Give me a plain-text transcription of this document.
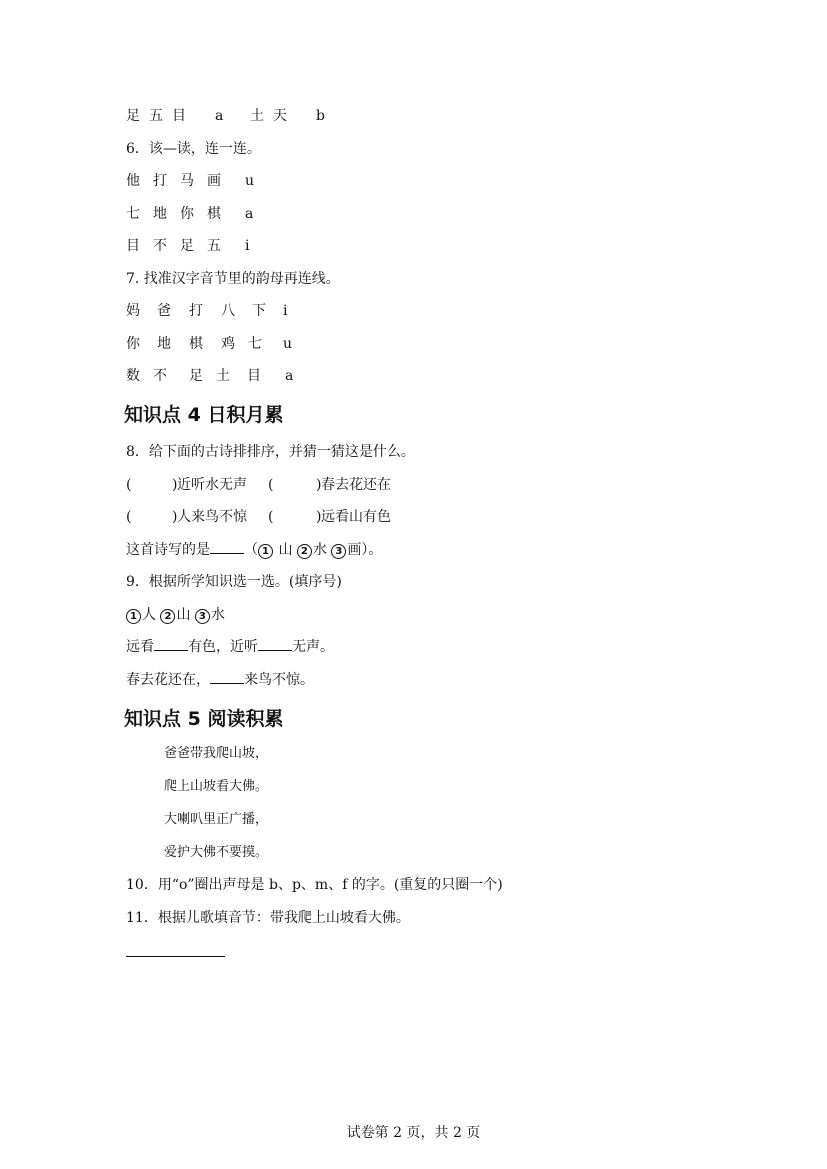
足 五 目 a 土 天 b
6．该—读，连一连。
他 打 马 画 u
七 地 你 棋 a
目 不 足 五 i
7. 找准汉字音节里的韵母再连线。
妈 爸 打 八 下 i
你 地 棋 鸡 七 u
数 不 足 土 目 a
知识点 4 日积月累
8．给下面的古诗排排序，并猜一猜这是什么。
(	) 近听水无声 (	) 春去花还在
(	) 人来鸟不惊 (	) 远看山有色
这首诗写的是 （ 1 山 2 水 3 画）。
9．根据所学知识选一选。(填序号)
1 人 2 山 3 水
远看 有色，近听 无声。
春去花还在， 来鸟不惊。
知识点 5 阅读积累
爸爸带我爬山坡，
爬上山坡看大佛。
大喇叭里正广播，
爱护大佛不要摸。
10．用“o”圈出声母是 b、p、m、f 的字。(重复的只圈一个)
11．根据儿歌填音节：带我爬上山坡看大佛。
试卷第 2 页，共 2 页
